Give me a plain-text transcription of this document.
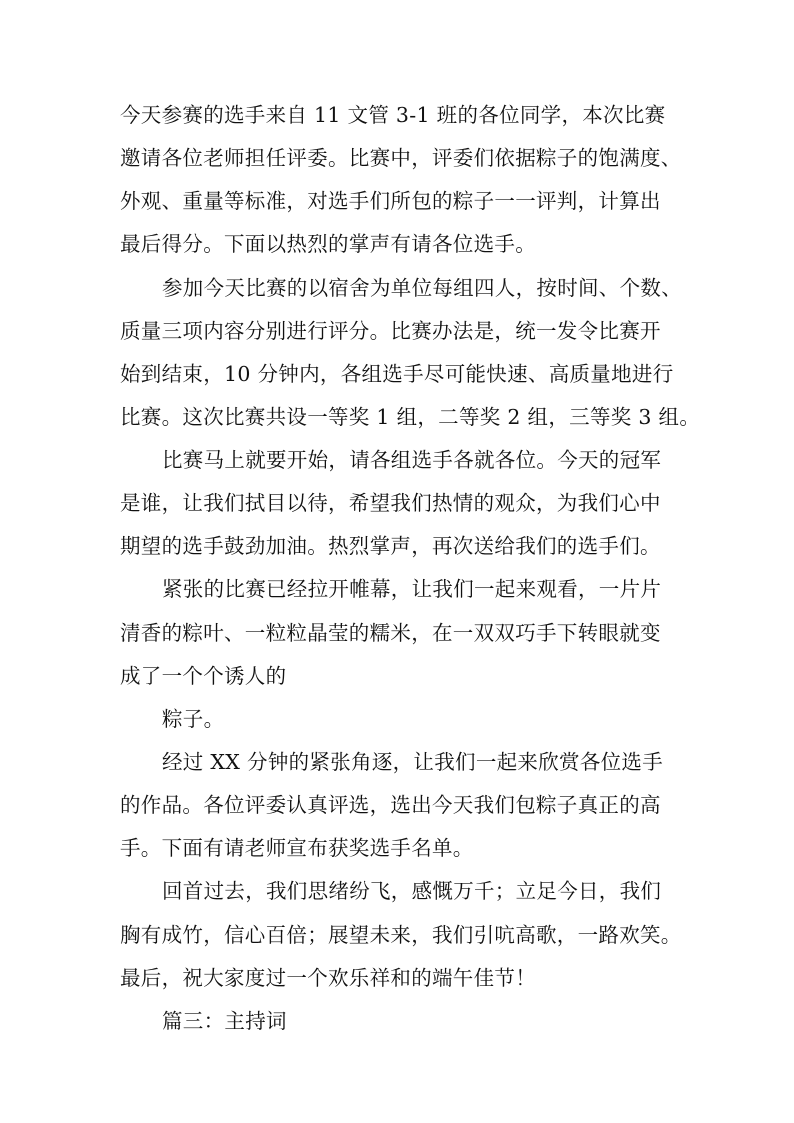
今天参赛的选手来自 11 文管 3-1 班的各位同学，本次比赛
邀请各位老师担任评委。比赛中，评委们依据粽子的饱满度、
外观、重量等标准，对选手们所包的粽子一一评判，计算出
最后得分。下面以热烈的掌声有请各位选手。
参加今天比赛的以宿舍为单位每组四人，按时间、个数、
质量三项内容分别进行评分。比赛办法是，统一发令比赛开
始到结束，10 分钟内，各组选手尽可能快速、高质量地进行
比赛。这次比赛共设一等奖 1 组，二等奖 2 组，三等奖 3 组。
比赛马上就要开始，请各组选手各就各位。今天的冠军
是谁，让我们拭目以待，希望我们热情的观众，为我们心中
期望的选手鼓劲加油。热烈掌声，再次送给我们的选手们。
紧张的比赛已经拉开帷幕，让我们一起来观看，一片片
清香的粽叶、一粒粒晶莹的糯米，在一双双巧手下转眼就变
成了一个个诱人的
粽子。
经过 XX 分钟的紧张角逐，让我们一起来欣赏各位选手
的作品。各位评委认真评选，选出今天我们包粽子真正的高
手。下面有请老师宣布获奖选手名单。
回首过去，我们思绪纷飞，感慨万千；立足今日，我们
胸有成竹，信心百倍；展望未来，我们引吭高歌，一路欢笑。
最后，祝大家度过一个欢乐祥和的端午佳节！
篇三：主持词
